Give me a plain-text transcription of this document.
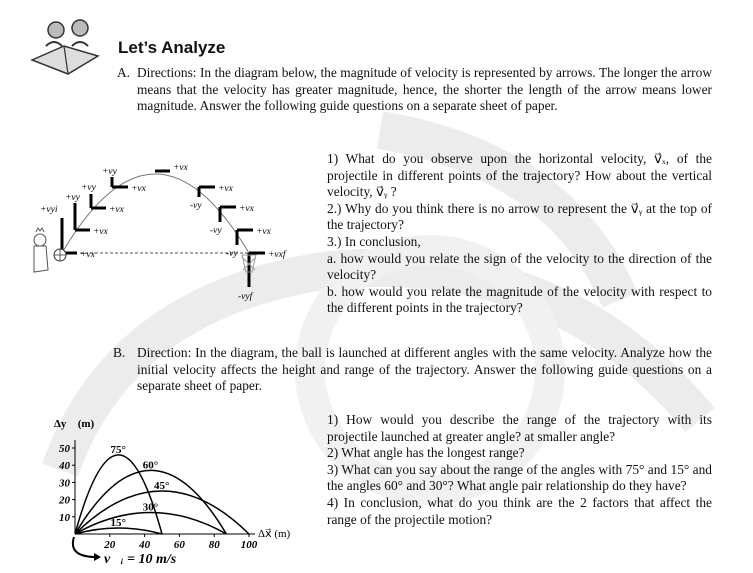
Let’s Analyze
A. Directions: In the diagram below, the magnitude of velocity is represented by arrows. The longer the arrow means that the velocity has greater magnitude, hence, the shorter the length of the arrow means lower magnitude. Answer the following guide questions on a separate sheet of paper.
+vyi
+vx
+vy
+vx
+vy
+vx
+vy
+vx
+vx
+vx
-vy	+vx
-vy	+vx
-vy	+vxf
-vyf

1) What do you observe upon the horizontal velocity, v⃗ₓ, of the projectile in different points of the trajectory? How about the vertical velocity, v⃗ᵧ ?

2.) Why do you think there is no arrow to represent the v⃗ᵧ at the top of the trajectory?

3.) In conclusion,

a. how would you relate the sign of the velocity to the direction of the velocity?

b. how would you relate the magnitude of the velocity with respect to the different points in the trajectory?

B. Direction: In the diagram, the ball is launched at different angles with the same velocity. Analyze how the initial velocity affects the height and range of the trajectory. Answer the following guide questions on a separate sheet of paper.
Δy⃗ (m)
Δx⃗ (m)
20 40 60 80 100
10
20
30
40
50	75°
60°
45°
30°
15°
v⃗ᵢ = 10 m/s

1) How would you describe the range of the trajectory with its projectile launched at greater angle? at smaller angle?

2) What angle has the longest range?

3) What can you say about the range of the angles with 75° and 15° and the angles 60° and 30°? What angle pair relationship do they have?

4) In conclusion, what do you think are the 2 factors that affect the range of the projectile motion?
